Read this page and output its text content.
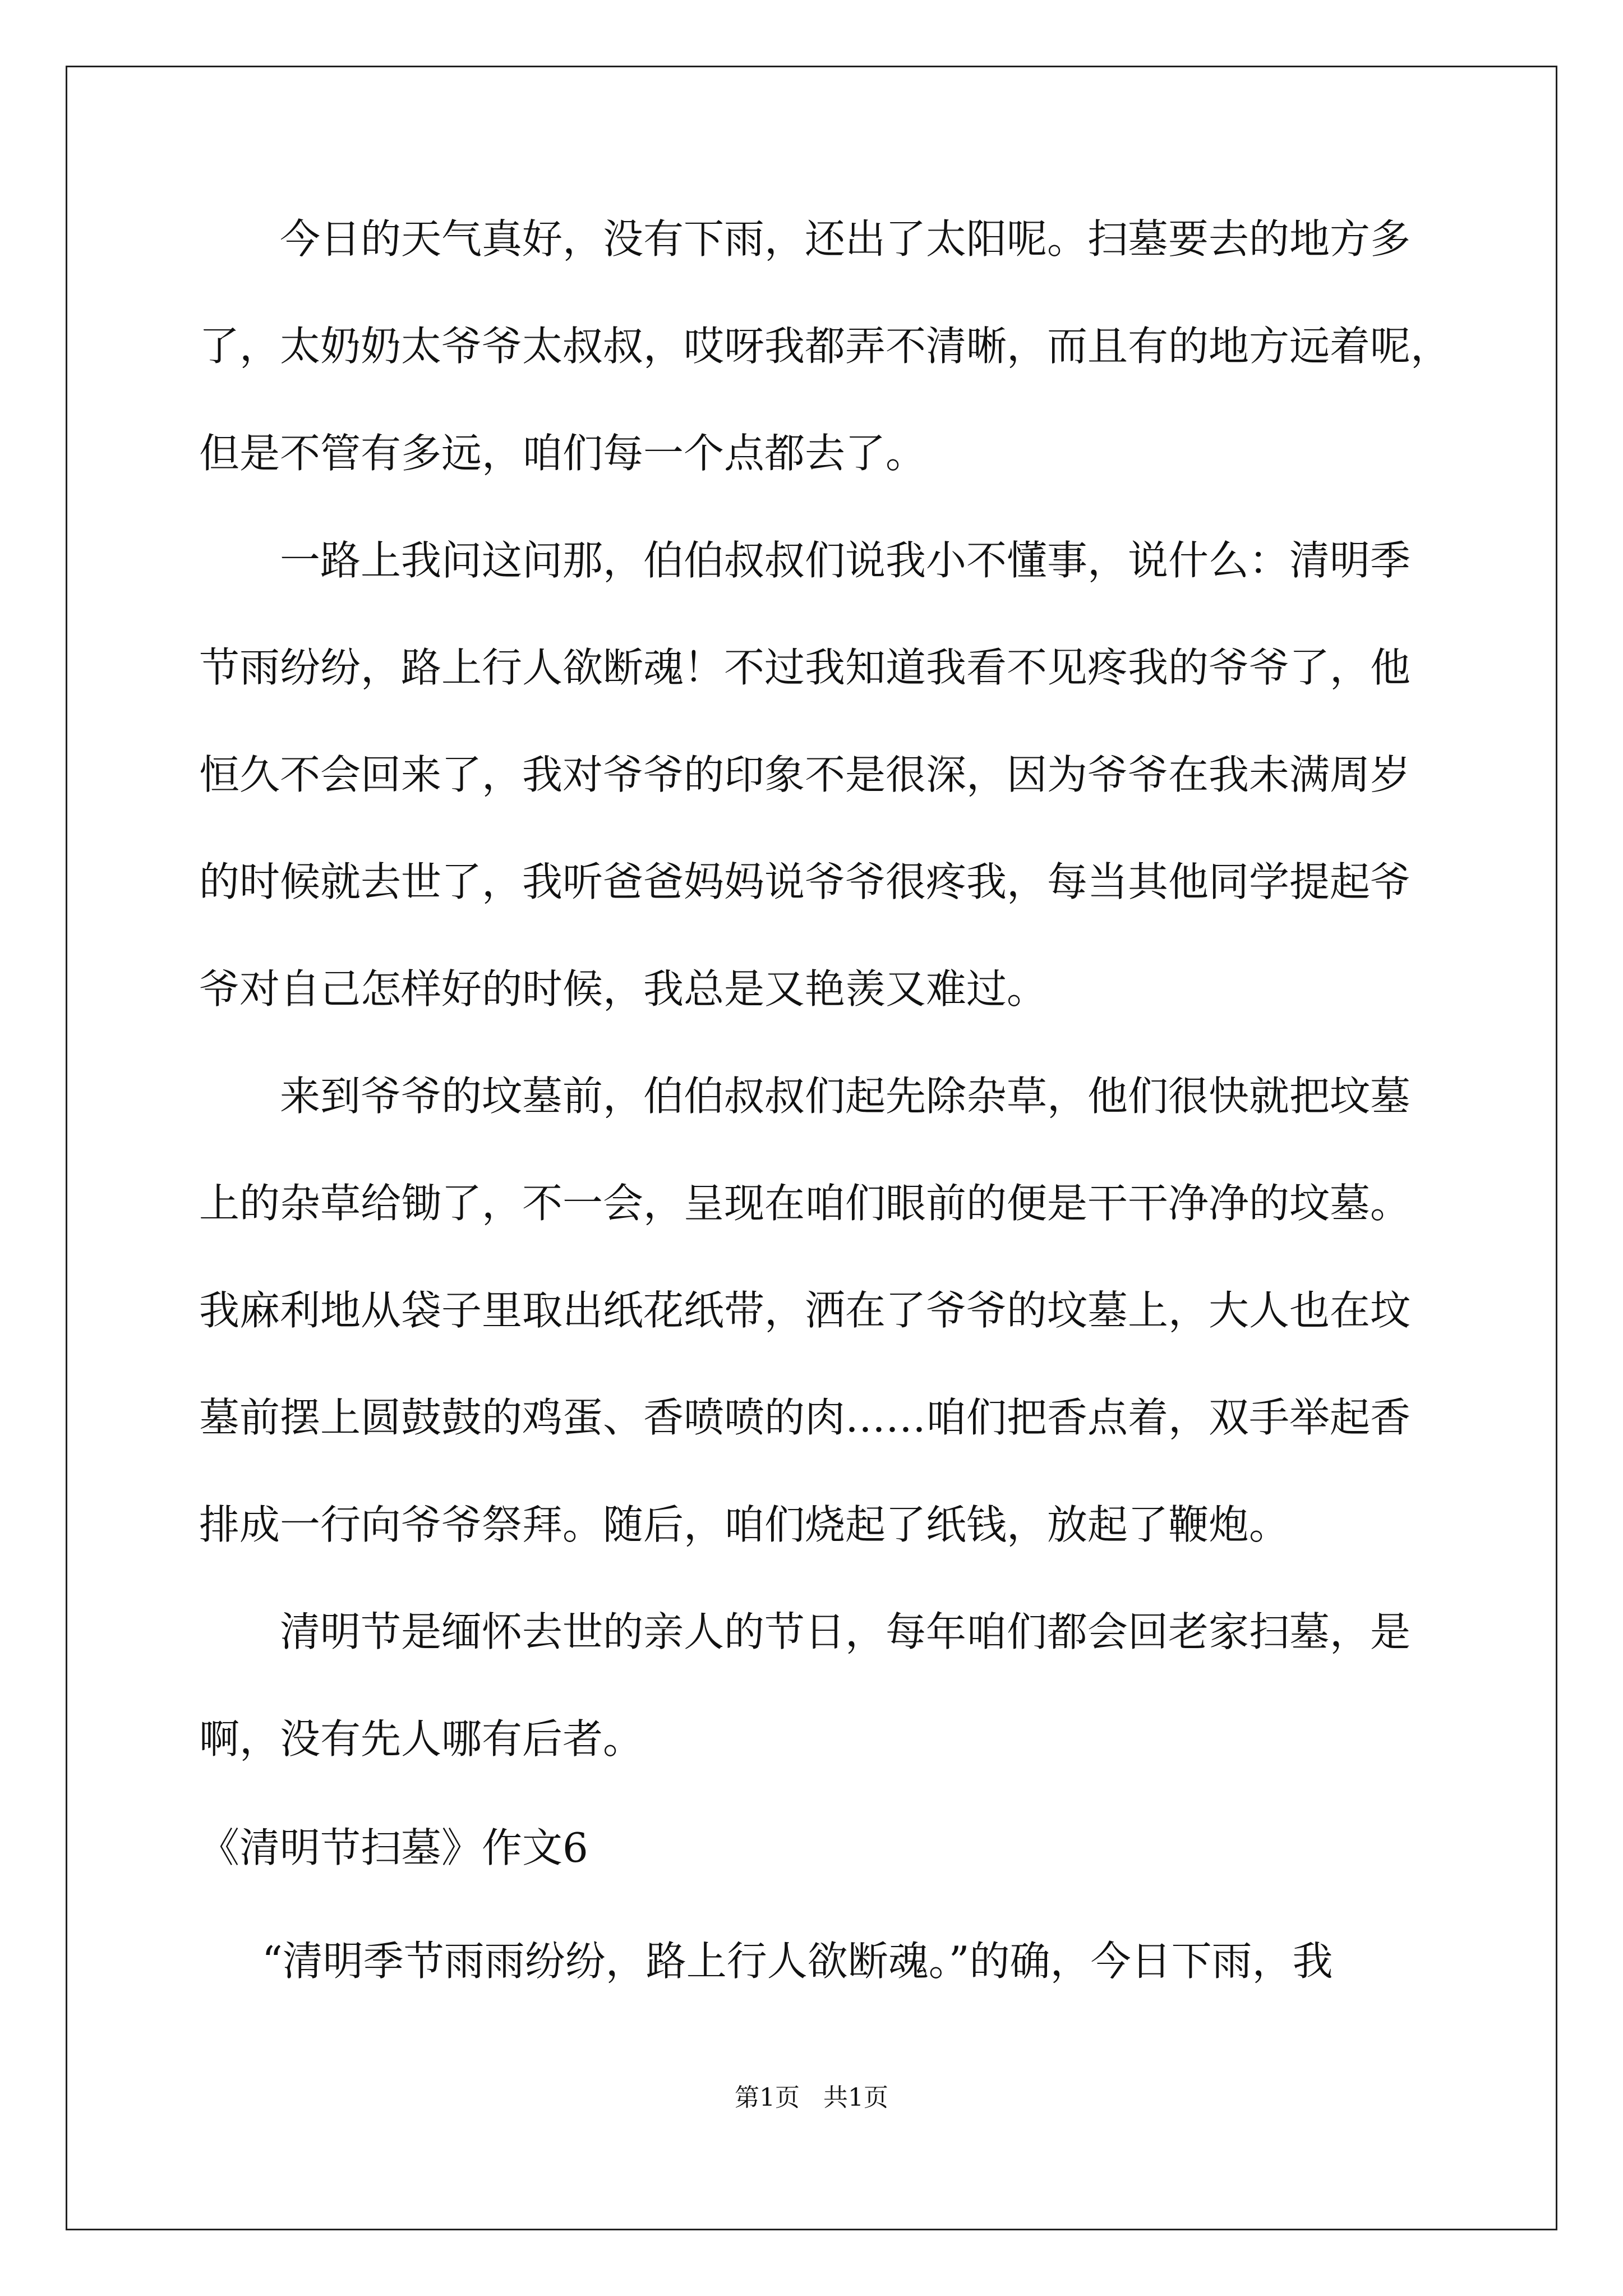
今日的天气真好，没有下雨，还出了太阳呢。扫墓要去的地方多

了，太奶奶太爷爷太叔叔，哎呀我都弄不清晰，而且有的地方远着呢，

但是不管有多远，咱们每一个点都去了。

一路上我问这问那，伯伯叔叔们说我小不懂事，说什么：清明季

节雨纷纷，路上行人欲断魂！不过我知道我看不见疼我的爷爷了，他

恒久不会回来了，我对爷爷的印象不是很深，因为爷爷在我未满周岁

的时候就去世了，我听爸爸妈妈说爷爷很疼我，每当其他同学提起爷

爷对自己怎样好的时候，我总是又艳羡又难过。

来到爷爷的坟墓前，伯伯叔叔们起先除杂草，他们很快就把坟墓

上的杂草给锄了，不一会，呈现在咱们眼前的便是干干净净的坟墓。

我麻利地从袋子里取出纸花纸带，洒在了爷爷的坟墓上，大人也在坟

墓前摆上圆鼓鼓的鸡蛋、香喷喷的肉……咱们把香点着，双手举起香

排成一行向爷爷祭拜。随后，咱们烧起了纸钱，放起了鞭炮。

清明节是缅怀去世的亲人的节日，每年咱们都会回老家扫墓，是

啊，没有先人哪有后者。

《清明节扫墓》作文6

“清明季节雨雨纷纷，路上行人欲断魂。”的确，今日下雨，我

第1页   共1页
